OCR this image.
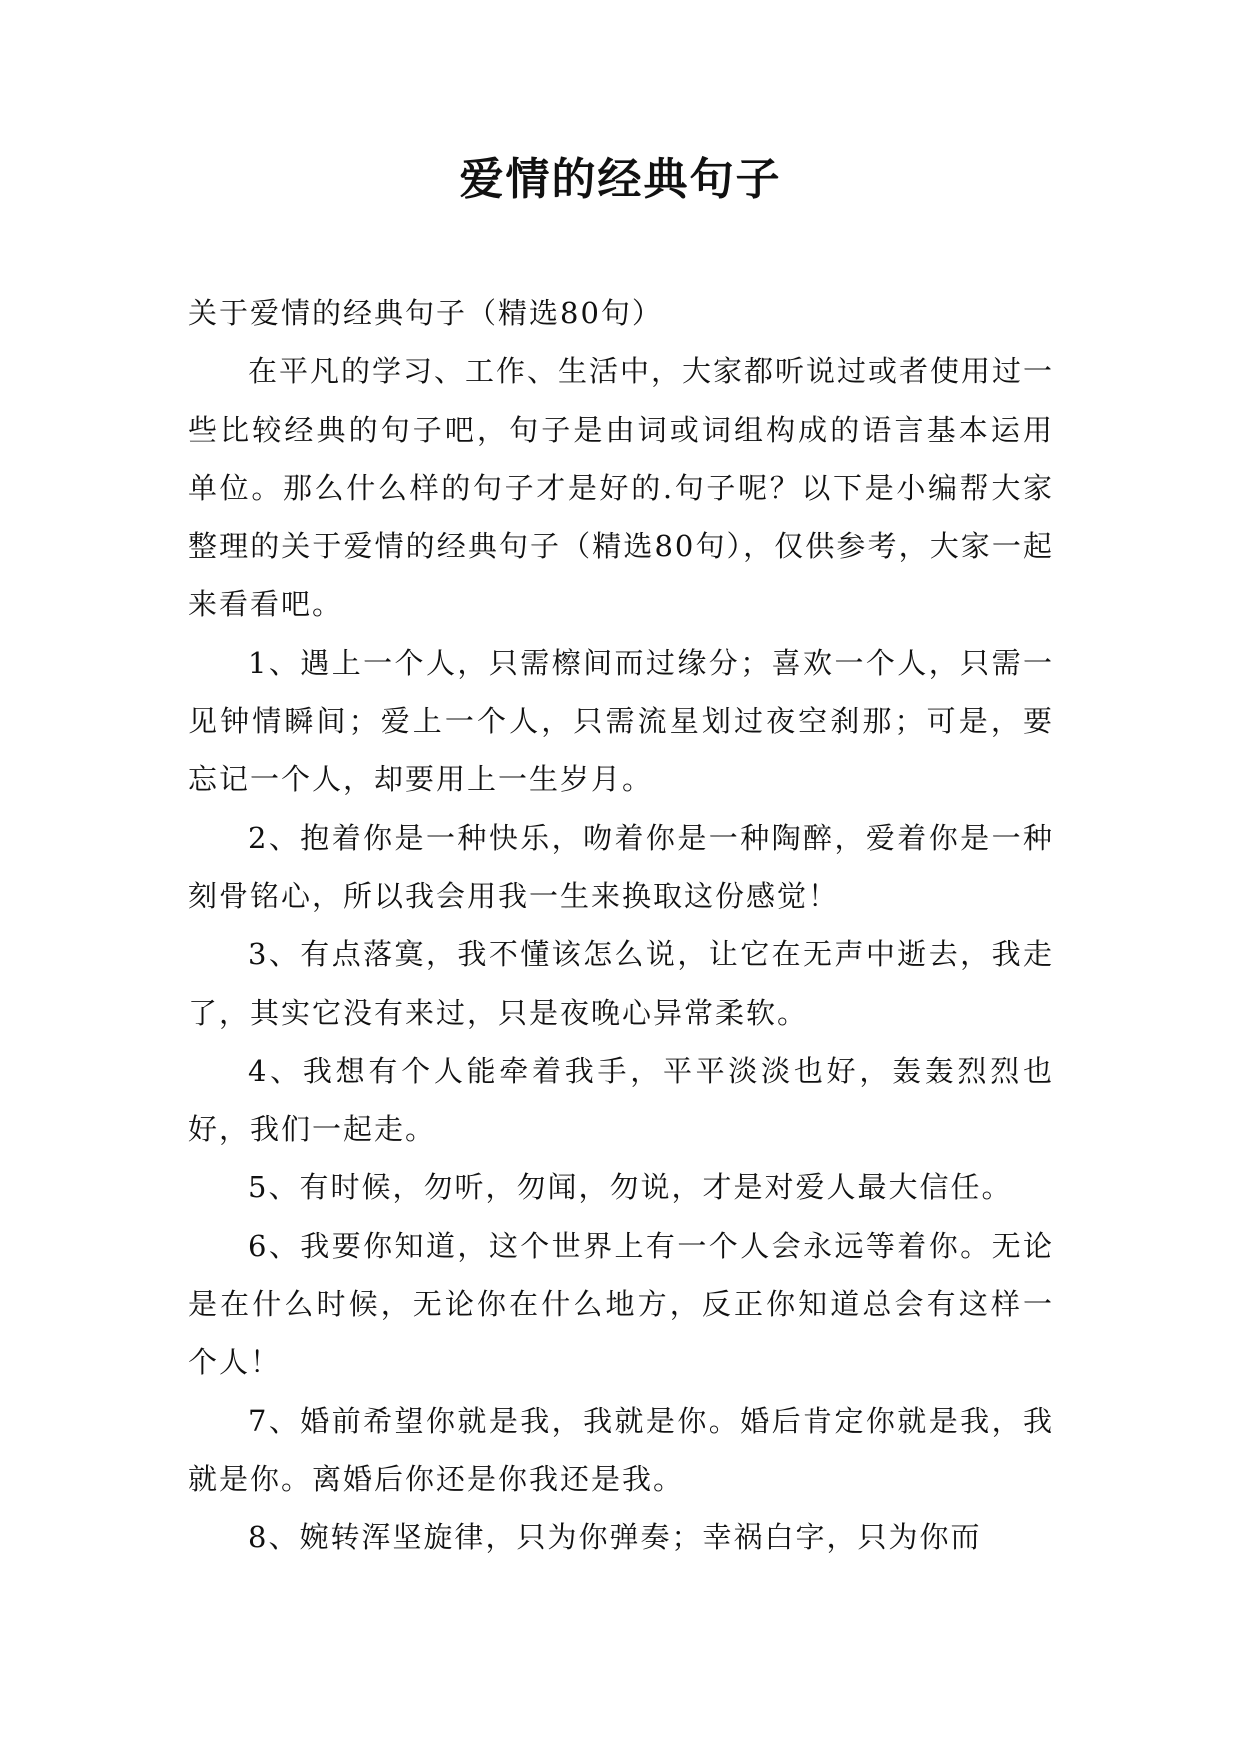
爱情的经典句子

关于爱情的经典句子（精选80句）

在平凡的学习、工作、生活中，大家都听说过或者使用过一些比较经典的句子吧，句子是由词或词组构成的语言基本运用单位。那么什么样的句子才是好的.句子呢？以下是小编帮大家整理的关于爱情的经典句子（精选80句），仅供参考，大家一起来看看吧。

1、遇上一个人，只需檫间而过缘分；喜欢一个人，只需一见钟情瞬间；爱上一个人，只需流星划过夜空刹那；可是，要忘记一个人，却要用上一生岁月。

2、抱着你是一种快乐，吻着你是一种陶醉，爱着你是一种刻骨铭心，所以我会用我一生来换取这份感觉！

3、有点落寞，我不懂该怎么说，让它在无声中逝去，我走了，其实它没有来过，只是夜晚心异常柔软。

4、我想有个人能牵着我手，平平淡淡也好，轰轰烈烈也好，我们一起走。

5、有时候，勿听，勿闻，勿说，才是对爱人最大信任。

6、我要你知道，这个世界上有一个人会永远等着你。无论是在什么时候，无论你在什么地方，反正你知道总会有这样一个人！

7、婚前希望你就是我，我就是你。婚后肯定你就是我，我就是你。离婚后你还是你我还是我。

8、婉转浑坚旋律，只为你弹奏；幸祸白字，只为你而
